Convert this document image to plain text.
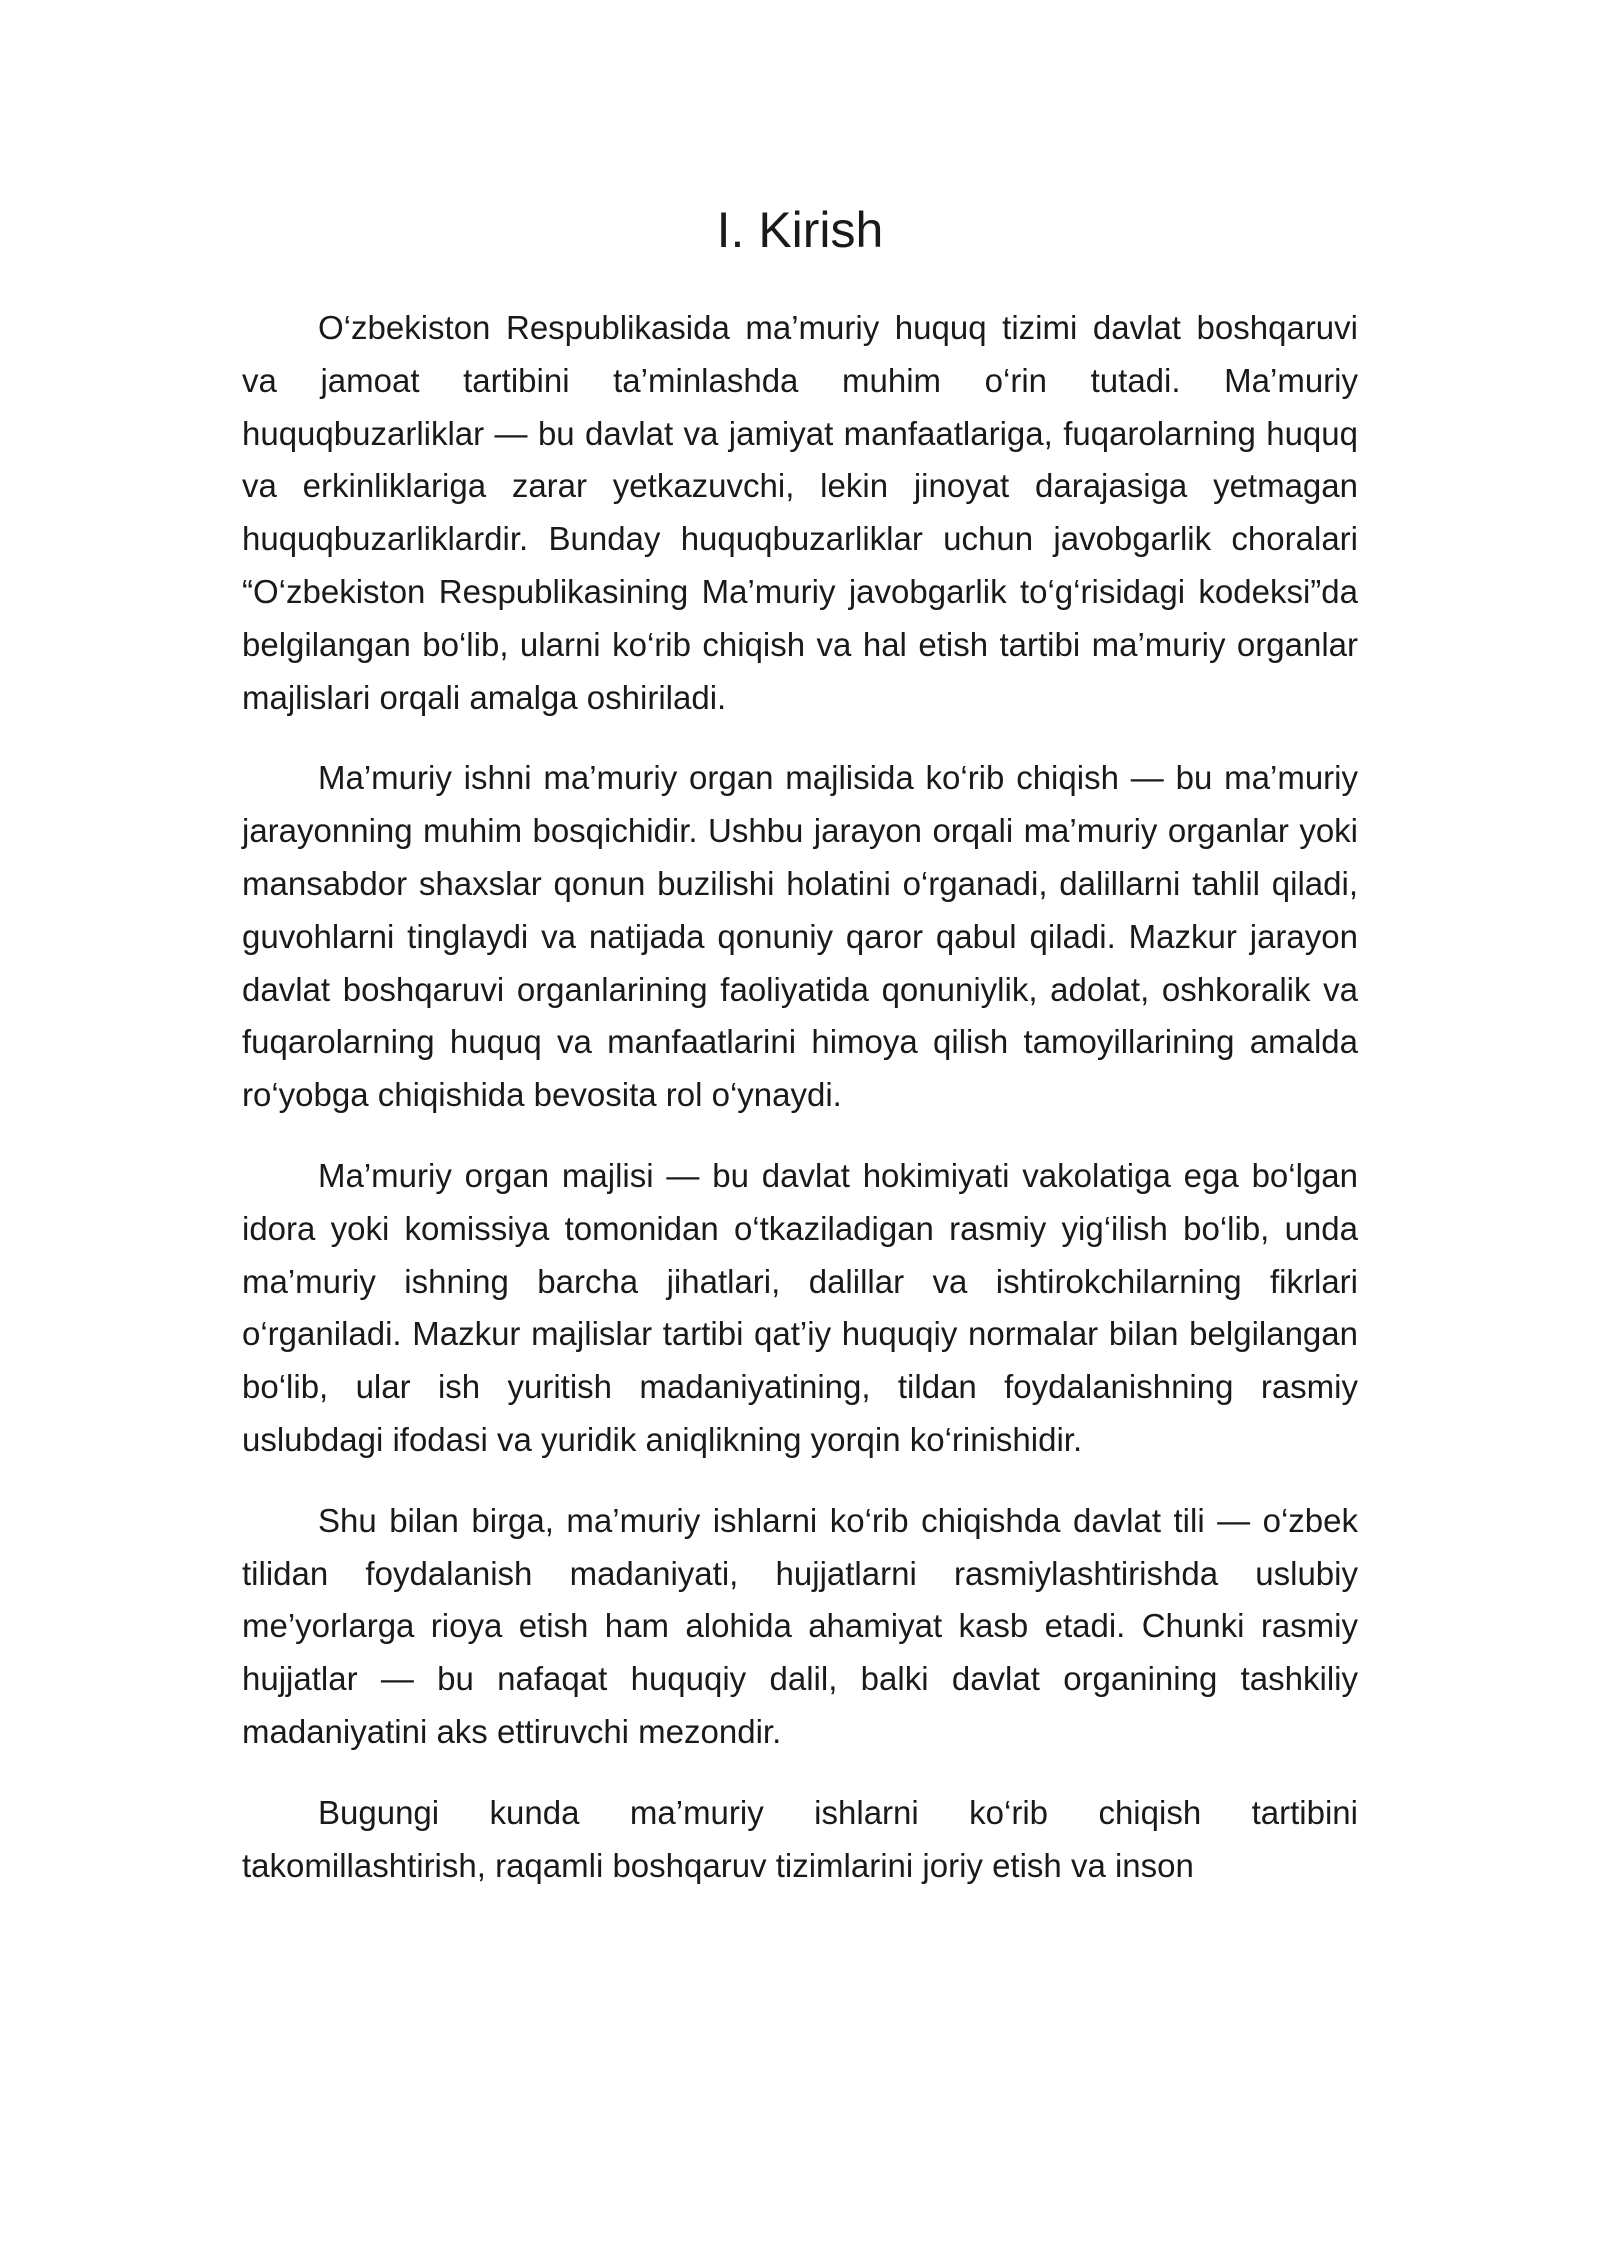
I. Kirish

O‘zbekiston Respublikasida ma’muriy huquq tizimi davlat boshqaruvi va jamoat tartibini ta’minlashda muhim o‘rin tutadi. Ma’muriy huquqbuzarliklar — bu davlat va jamiyat manfaatlariga, fuqarolarning huquq va erkinliklariga zarar yetkazuvchi, lekin jinoyat darajasiga yetmagan huquqbuzarliklardir. Bunday huquqbuzarliklar uchun javobgarlik choralari “O‘zbekiston Respublikasining Ma’muriy javobgarlik to‘g‘risidagi kodeksi”da belgilangan bo‘lib, ularni ko‘rib chiqish va hal etish tartibi ma’muriy organlar majlislari orqali amalga oshiriladi.

Ma’muriy ishni ma’muriy organ majlisida ko‘rib chiqish — bu ma’muriy jarayonning muhim bosqichidir. Ushbu jarayon orqali ma’muriy organlar yoki mansabdor shaxslar qonun buzilishi holatini o‘rganadi, dalillarni tahlil qiladi, guvohlarni tinglaydi va natijada qonuniy qaror qabul qiladi. Mazkur jarayon davlat boshqaruvi organlarining faoliyatida qonuniylik, adolat, oshkoralik va fuqarolarning huquq va manfaatlarini himoya qilish tamoyillarining amalda ro‘yobga chiqishida bevosita rol o‘ynaydi.

Ma’muriy organ majlisi — bu davlat hokimiyati vakolatiga ega bo‘lgan idora yoki komissiya tomonidan o‘tkaziladigan rasmiy yig‘ilish bo‘lib, unda ma’muriy ishning barcha jihatlari, dalillar va ishtirokchilarning fikrlari o‘rganiladi. Mazkur majlislar tartibi qat’iy huquqiy normalar bilan belgilangan bo‘lib, ular ish yuritish madaniyatining, tildan foydalanishning rasmiy uslubdagi ifodasi va yuridik aniqlikning yorqin ko‘rinishidir.

Shu bilan birga, ma’muriy ishlarni ko‘rib chiqishda davlat tili — o‘zbek tilidan foydalanish madaniyati, hujjatlarni rasmiylashtirishda uslubiy me’yorlarga rioya etish ham alohida ahamiyat kasb etadi. Chunki rasmiy hujjatlar — bu nafaqat huquqiy dalil, balki davlat organining tashkiliy madaniyatini aks ettiruvchi mezondir.

Bugungi kunda ma’muriy ishlarni ko‘rib chiqish tartibini takomillashtirish, raqamli boshqaruv tizimlarini joriy etish va inson
